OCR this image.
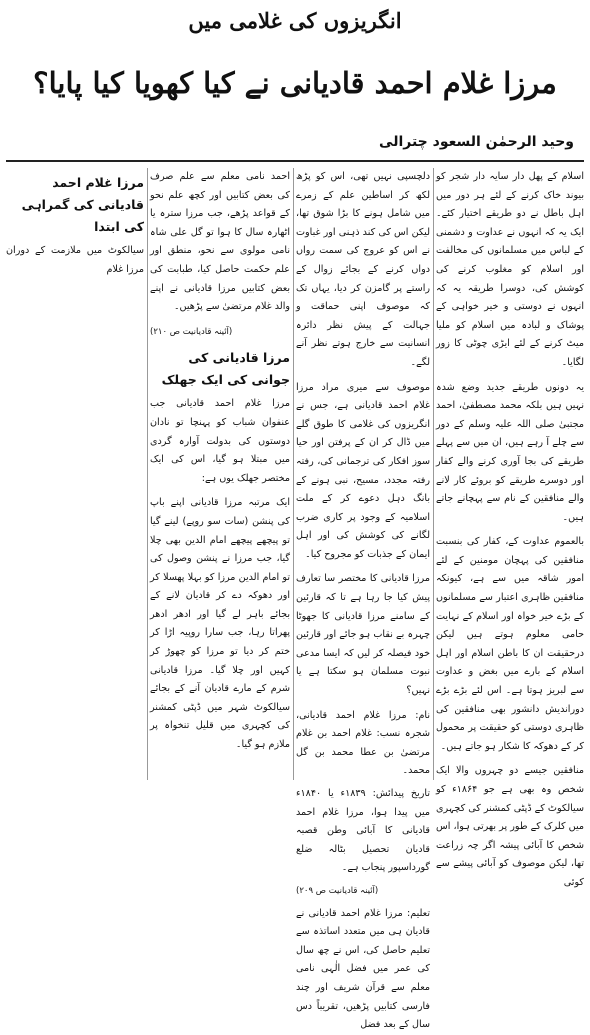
انگریزوں کی غلامی میں
مرزا غلام احمد قادیانی نے کیا کھویا کیا پایا؟
وحید الرحمٰن السعود چترالی

اسلام کے پھل دار سایہ دار شجر کو بیوند خاک کرنے کے لئے ہر دور میں اہل باطل نے دو طریقے اختیار کئے۔ ایک یہ کہ انہوں نے عداوت و دشمنی کے لباس میں مسلمانوں کی مخالفت اور اسلام کو مغلوب کرنے کی کوشش کی، دوسرا طریقہ یہ کہ انہوں نے دوستی و خیر خواہی کے پوشاک و لبادہ میں اسلام کو ملیا میٹ کرنے کے لئے ایڑی چوٹی کا زور لگایا۔

یہ دونوں طریقے جدید وضع شدہ نہیں ہیں بلکہ محمد مصطفیٰ، احمد مجتبیٰ صلی اللہ علیہ وسلم کے دور سے چلے آ رہے ہیں، ان میں سے پہلے طریقے کی بجا آوری کرنے والے کفار اور دوسرے طریقے کو بروئے کار لانے والے منافقین کے نام سے پہچانے جاتے ہیں۔

بالعموم عداوت کے، کفار کی بنسبت منافقین کی پہچان مومنین کے لئے امور شاقہ میں سے ہے، کیونکہ منافقین ظاہری اعتبار سے مسلمانوں کے بڑے خیر خواہ اور اسلام کے نہایت حامی معلوم ہوتے ہیں لیکن درحقیقت ان کا باطن اسلام اور اہل اسلام کے بارے میں بغض و عداوت سے لبریز ہوتا ہے۔ اس لئے بڑے بڑے دوراندیش دانشور بھی منافقین کی ظاہری دوستی کو حقیقت پر محمول کر کے دھوکہ کا شکار ہو جاتے ہیں۔

منافقین جیسے دو چہروں والا ایک شخص وہ بھی ہے جو ۱۸۶۴ء کو سیالکوٹ کے ڈپٹی کمشنر کی کچہری میں کلرک کے طور پر بھرتی ہوا، اس شخص کا آبائی پیشہ اگر چہ زراعت تھا، لیکن موصوف کو آبائی پیشے سے کوئی

دلچسپی نہیں تھی، اس کو پڑھ لکھ کر اساطین علم کے زمرے میں شامل ہونے کا بڑا شوق تھا، لیکن اس کی کند ذہنی اور غباوت نے اس کو عروج کی سمت رواں دواں کرنے کے بجائے زوال کے راستے پر گامزن کر دیا، یہاں تک کہ موصوف اپنی حماقت و جہالت کے پیش نظر دائرہ انسانیت سے خارج ہوتے نظر آنے لگے۔

موصوف سے میری مراد مرزا غلام احمد قادیانی ہے، جس نے انگریزوں کی غلامی کا طوق گلے میں ڈال کر ان کے پرفتن اور حیا سوز افکار کی ترجمانی کی، رفتہ رفتہ مجدد، مسیح، نبی ہونے کے بانگ دہل دعوے کر کے ملت اسلامیہ کے وجود پر کاری ضرب لگانے کی کوشش کی اور اہل ایمان کے جذبات کو مجروح کیا۔

مرزا قادیانی کا مختصر سا تعارف پیش کیا جا رہا ہے تا کہ قارئین کے سامنے مرزا قادیانی کا جھوٹا چہرہ بے نقاب ہو جائے اور قارئین خود فیصلہ کر لیں کہ ایسا مدعی نبوت مسلمان ہو سکتا ہے یا نہیں؟

نام: مرزا غلام احمد قادیانی، شجرہ نسب: غلام احمد بن غلام مرتضیٰ بن عطا محمد بن گل محمد۔

تاریخ پیدائش: ۱۸۳۹ء یا ۱۸۴۰ء میں پیدا ہوا، مرزا غلام احمد قادیانی کا آبائی وطن قصبہ قادیان تحصیل بٹالہ ضلع گورداسپور پنجاب ہے۔

(آئینہ قادیانیت ص ۲۰۹)

تعلیم: مرزا غلام احمد قادیانی نے قادیان ہی میں متعدد اساتذہ سے تعلیم حاصل کی، اس نے چھ سال کی عمر میں فضل الٰہی نامی معلم سے قرآن شریف اور چند فارسی کتابیں پڑھیں، تقریباً دس سال کے بعد فضل

احمد نامی معلم سے علم صرف کی بعض کتابیں اور کچھ علم نحو کے قواعد پڑھے، جب مرزا سترہ یا اٹھارہ سال کا ہوا تو گل علی شاہ نامی مولوی سے نحو، منطق اور علم حکمت حاصل کیا، طبابت کی بعض کتابیں مرزا قادیانی نے اپنے والد غلام مرتضیٰ سے پڑھیں۔

(آئینہ قادیانیت ص ۲۱۰)

مرزا قادیانی کی جوانی کی ایک جھلک

مرزا غلام احمد قادیانی جب عنفوان شباب کو پہنچا تو نادان دوستوں کی بدولت آوارہ گردی میں مبتلا ہو گیا، اس کی ایک مختصر جھلک یوں ہے:

ایک مرتبہ مرزا قادیانی اپنے باپ کی پنشن (سات سو روپے) لینے گیا تو پیچھے پیچھے امام الدین بھی چلا گیا، جب مرزا نے پنشن وصول کی تو امام الدین مرزا کو بہلا پھسلا کر اور دھوکہ دے کر قادیان لانے کے بجائے باہر لے گیا اور ادھر ادھر پھراتا رہا، جب سارا روپیہ اڑا کر ختم کر دیا تو مرزا کو چھوڑ کر کہیں اور چلا گیا۔ مرزا قادیانی شرم کے مارے قادیان آنے کے بجائے سیالکوٹ شہر میں ڈپٹی کمشنر کی کچہری میں قلیل تنخواہ پر ملازم ہو گیا۔

مرزا غلام احمد قادیانی کی گمراہی کی ابتدا

سیالکوٹ میں ملازمت کے دوران مرزا غلام
